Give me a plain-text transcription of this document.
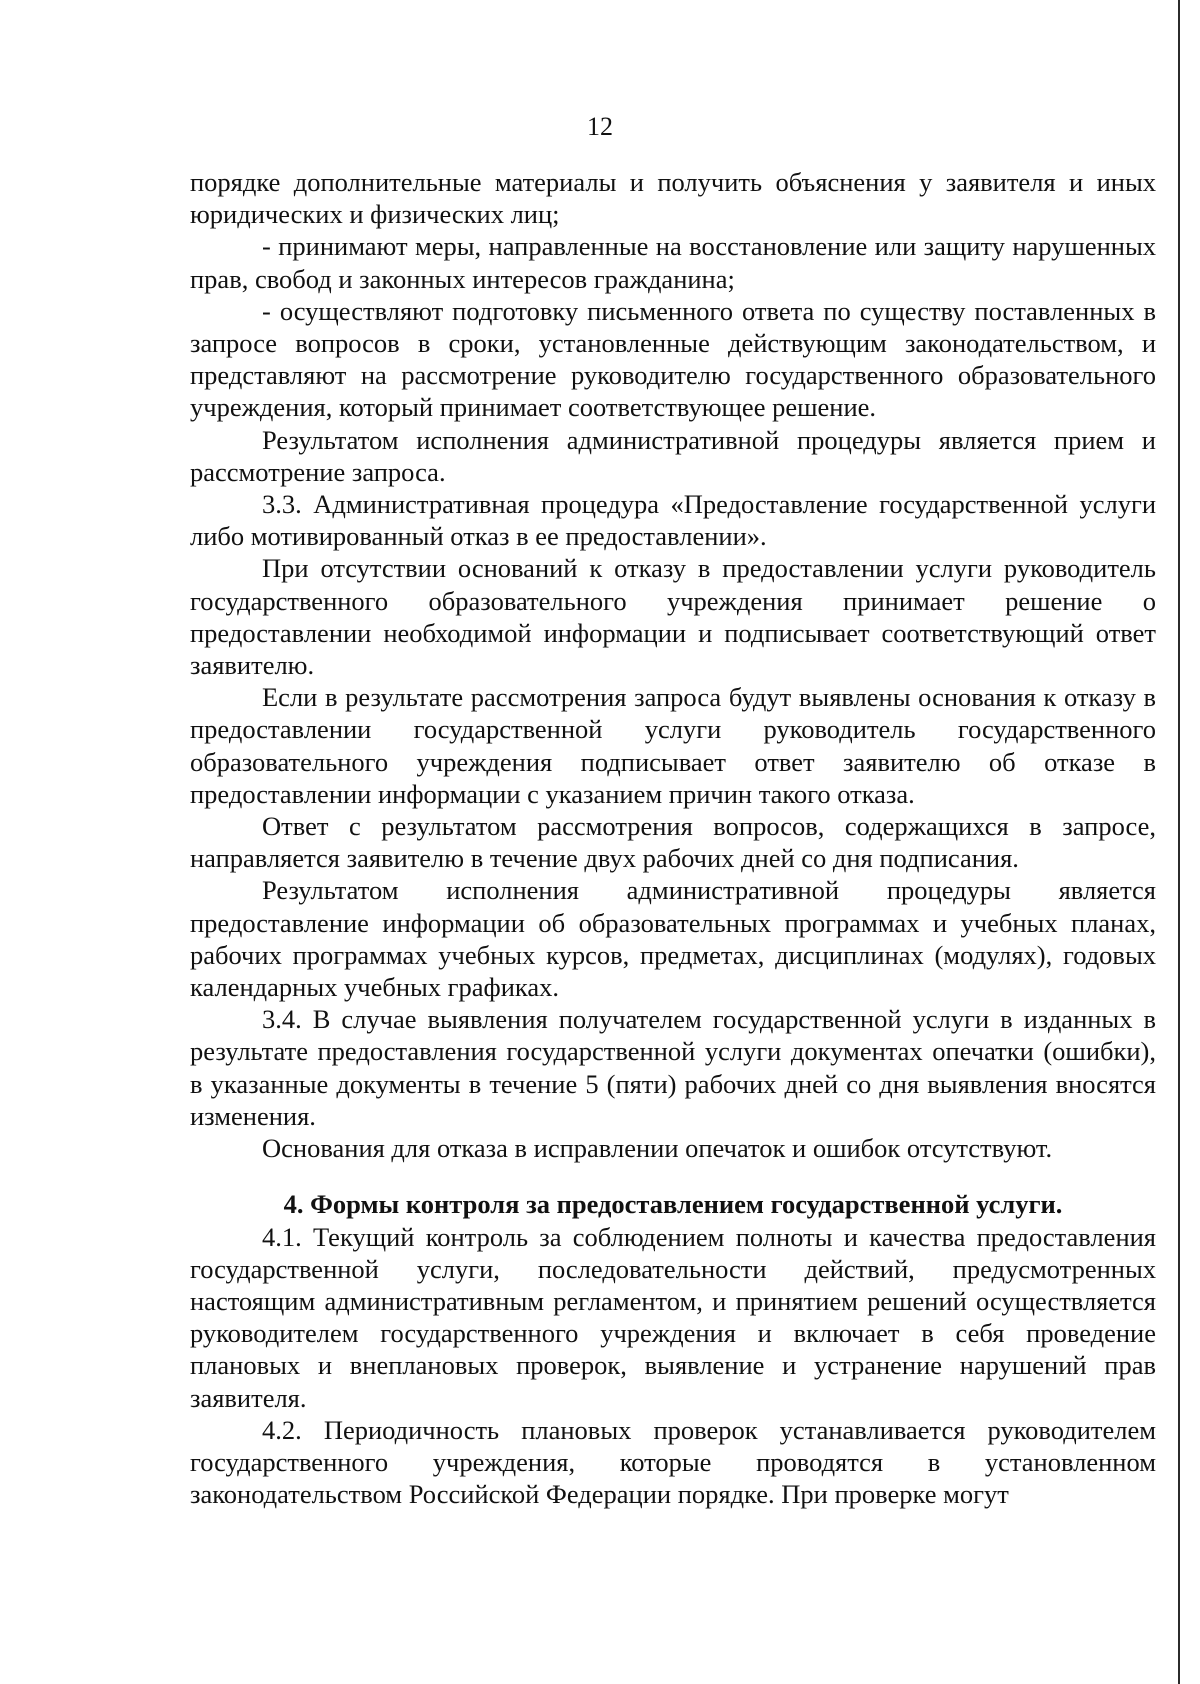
12

порядке дополнительные материалы и получить объяснения у заявителя и иных юридических и физических лиц;

- принимают меры, направленные на восстановление или защиту нарушенных прав, свобод и законных интересов гражданина;

- осуществляют подготовку письменного ответа по существу поставленных в запросе вопросов в сроки, установленные действующим законодательством, и представляют на рассмотрение руководителю государственного образовательного учреждения, который принимает соответствующее решение.

Результатом исполнения административной процедуры является прием и рассмотрение запроса.

3.3. Административная процедура «Предоставление государственной услуги либо мотивированный отказ в ее предоставлении».

При отсутствии оснований к отказу в предоставлении услуги руководитель государственного образовательного учреждения принимает решение о предоставлении необходимой информации и подписывает соответствующий ответ заявителю.

Если в результате рассмотрения запроса будут выявлены основания к отказу в предоставлении государственной услуги руководитель государственного образовательного учреждения подписывает ответ заявителю об отказе в предоставлении информации с указанием причин такого отказа.

Ответ с результатом рассмотрения вопросов, содержащихся в запросе, направляется заявителю в течение двух рабочих дней со дня подписания.

Результатом исполнения административной процедуры является предоставление информации об образовательных программах и учебных планах, рабочих программах учебных курсов, предметах, дисциплинах (модулях), годовых календарных учебных графиках.

3.4. В случае выявления получателем государственной услуги в изданных в результате предоставления государственной услуги документах опечатки (ошибки), в указанные документы в течение 5 (пяти) рабочих дней со дня выявления вносятся изменения.

Основания для отказа в исправлении опечаток и ошибок отсутствуют.

4. Формы контроля за предоставлением государственной услуги.

4.1. Текущий контроль за соблюдением полноты и качества предоставления государственной услуги, последовательности действий, предусмотренных настоящим административным регламентом, и принятием решений осуществляется руководителем государственного учреждения и включает в себя проведение плановых и внеплановых проверок, выявление и устранение нарушений прав заявителя.

4.2. Периодичность плановых проверок устанавливается руководителем государственного учреждения, которые проводятся в установленном законодательством Российской Федерации порядке. При проверке могут
